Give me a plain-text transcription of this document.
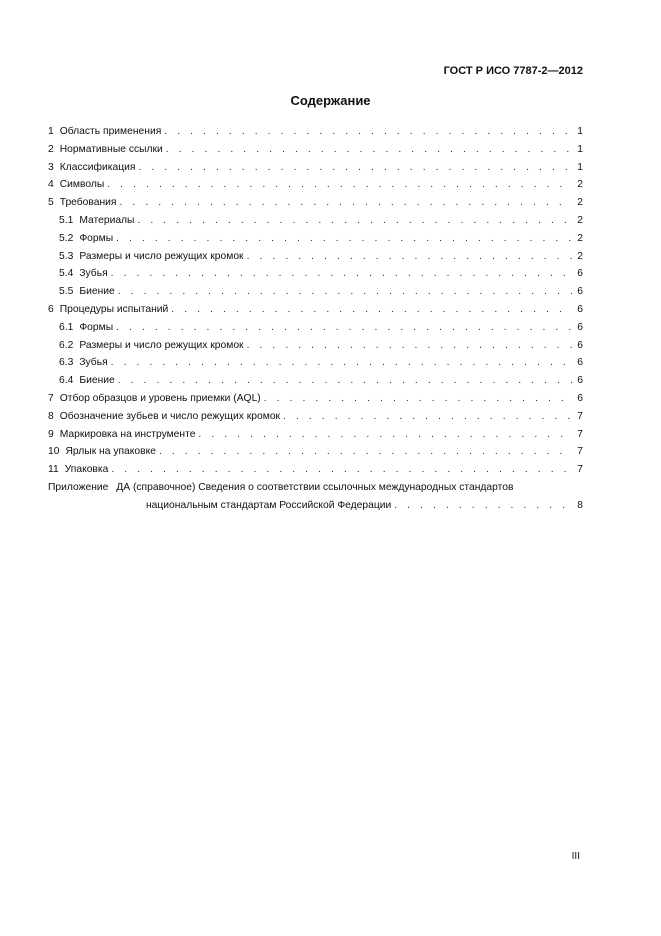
ГОСТ Р ИСО 7787-2—2012
Содержание
1 Область применения . . .	1
2 Нормативные ссылки . . .	1
3 Классификация . . .	1
4 Символы . . .	2
5 Требования . . .	2
5.1 Материалы . . .	2
5.2 Формы . . .	2
5.3 Размеры и число режущих кромок . . .	2
5.4 Зубья . . .	6
5.5 Биение . . .	6
6 Процедуры испытаний . . .	6
6.1 Формы . . .	6
6.2 Размеры и число режущих кромок . . .	6
6.3 Зубья . . .	6
6.4 Биение . . .	6
7 Отбор образцов и уровень приемки (AQL) . . .	6
8 Обозначение зубьев и число режущих кромок . . .	7
9 Маркировка на инструменте . . .	7
10 Ярлык на упаковке . . .	7
11 Упаковка . . .	7
Приложение ДА (справочное) Сведения о соответствии ссылочных международных стандартов
национальным стандартам Российской Федерации . . .	8
III
